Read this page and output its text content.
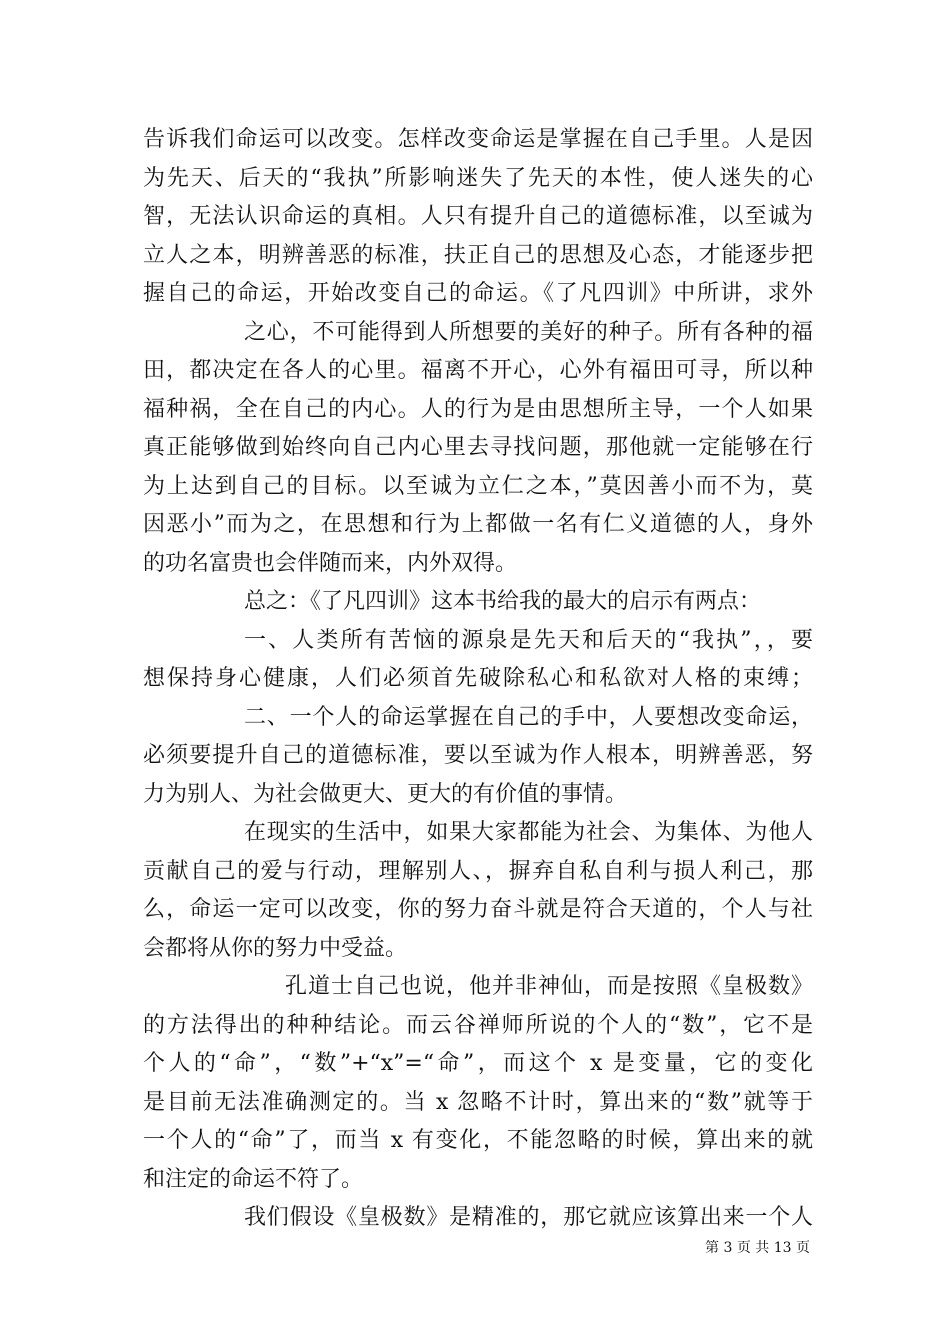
告诉我们命运可以改变。怎样改变命运是掌握在自己手里。人是因
为先天、后天的“我执”所影响迷失了先天的本性，使人迷失的心
智，无法认识命运的真相。人只有提升自己的道德标准，以至诚为
立人之本，明辨善恶的标准，扶正自己的思想及心态，才能逐步把
握自己的命运，开始改变自己的命运。《了凡四训》中所讲，求外
之心，不可能得到人所想要的美好的种子。所有各种的福
田，都决定在各人的心里。福离不开心，心外有福田可寻，所以种
福种祸，全在自己的内心。人的行为是由思想所主导，一个人如果
真正能够做到始终向自己内心里去寻找问题，那他就一定能够在行
为上达到自己的目标。以至诚为立仁之本，”莫因善小而不为，莫
因恶小”而为之，在思想和行为上都做一名有仁义道德的人，身外
的功名富贵也会伴随而来，内外双得。
总之：《了凡四训》这本书给我的最大的启示有两点：
一、人类所有苦恼的源泉是先天和后天的“我执”，，要
想保持身心健康，人们必须首先破除私心和私欲对人格的束缚；
二、一个人的命运掌握在自己的手中，人要想改变命运，
必须要提升自己的道德标准，要以至诚为作人根本，明辨善恶，努
力为别人、为社会做更大、更大的有价值的事情。
在现实的生活中，如果大家都能为社会、为集体、为他人
贡献自己的爱与行动，理解别人、，摒弃自私自利与损人利己，那
么，命运一定可以改变，你的努力奋斗就是符合天道的，个人与社
会都将从你的努力中受益。
孔道士自己也说，他并非神仙，而是按照《皇极数》
的方法得出的种种结论。而云谷禅师所说的个人的“数”，它不是
个人的“命”，“数”+“x”=“命”，而这个 x 是变量，它的变化
是目前无法准确测定的。当 x 忽略不计时，算出来的“数”就等于
一个人的“命”了，而当 x 有变化，不能忽略的时候，算出来的就
和注定的命运不符了。
我们假设《皇极数》是精准的，那它就应该算出来一个人
第 3 页 共 13 页
